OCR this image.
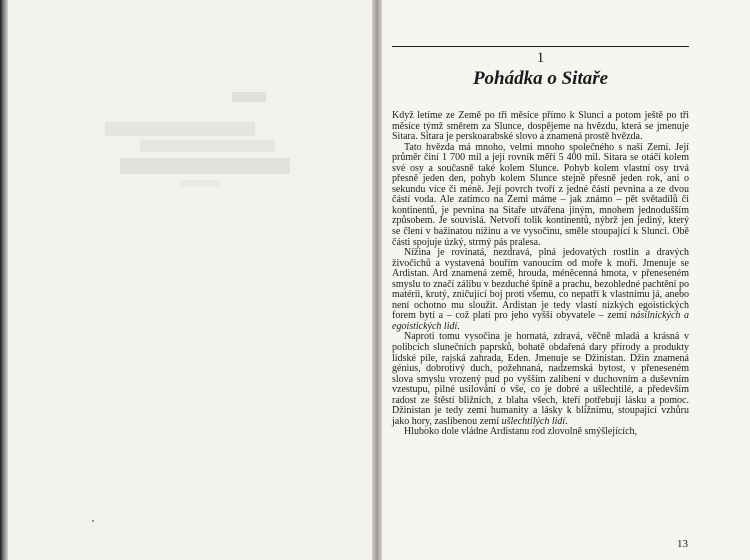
1
Pohádka o Sitaře

Když letíme ze Země po tři měsíce přímo k Slunci a potom ještě po tři měsíce týmž směrem za Slunce, dospějeme na hvězdu, která se jmenuje Sitara. Sitara je perskoarabské slovo a znamená prostě hvězda.

Tato hvězda má mnoho, velmi mnoho společného s naší Zemí. Její průměr činí 1 700 mil a její rovník měří 5 400 mil. Sitara se otáčí kolem své osy a současně také kolem Slunce. Pohyb kolem vlastní osy trvá přesně jeden den, pohyb kolem Slunce stejně přesně jeden rok, ani o sekundu více či méně. Její povrch tvoří z jedné části pevnina a ze dvou částí voda. Ale zatímco na Zemi máme – jak známo – pět světadílů či kontinentů, je pevnina na Sitaře utvářena jiným, mnohem jednodušším způsobem. Je souvislá. Netvoří tolik kontinentů, nýbrž jen jediný, který se člení v bažinatou nížinu a ve vysočinu, směle stoupající k Slunci. Obě části spojuje úzký, strmý pás pralesa.

Nížina je rovinatá, nezdravá, plná jedovatých rostlin a dravých živočichů a vystavená bouřím vanoucím od moře k moři. Jmenuje se Ardistan. Ard znamená země, hrouda, méněcenná hmota, v přeneseném smyslu to značí zálibu v bezduché špíně a prachu, bezohledné pachtění po matérii, krutý, zničující boj proti všemu, co nepatří k vlastnímu já, anebo není ochotno mu sloužit. Ardistan je tedy vlastí nízkých egoistických forem bytí a – což platí pro jeho vyšší obyvatele – zemí násilnických a egoistických lidí.

Naproti tomu vysočina je hornatá, zdravá, věčně mladá a krásná v polibcích slunečních paprsků, bohatě obdařená dary přírody a produkty lidské píle, rajská zahrada, Eden. Jmenuje se Džinistan. Džin znamená génius, dobrotivý duch, požehnaná, nadzemská bytost, v přeneseném slova smyslu vrozený pud po vyšším zalíbení v duchovním a duševním vzestupu, pilné usilování o vše, co je dobré a ušlechtilé, a především radost ze štěstí bližních, z blaha všech, kteří potřebují lásku a pomoc. Džinistan je tedy zemí humanity a lásky k bližnímu, stoupající vzhůru jako hory, zaslíbenou zemí ušlechtilých lidí.

Hluboko dole vládne Ardistanu rod zlovolně smýšlejících,

13
